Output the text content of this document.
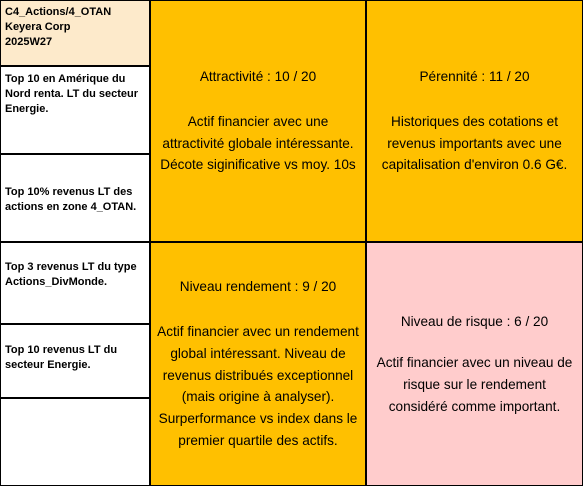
C4_Actions/4_OTAN
Keyera Corp
2025W27
Top 10 en Amérique du Nord renta. LT du secteur Energie.
Top 10% revenus LT des actions en zone 4_OTAN.
Top 3 revenus LT du type Actions_DivMonde.
Top 10 revenus LT du secteur Energie.
Attractivité : 10 / 20
Actif financier avec une attractivité globale intéressante. Décote siginificative vs moy. 10s
Pérennité : 11 / 20
Historiques des cotations et revenus importants avec une capitalisation d'environ 0.6 G€.
Niveau rendement : 9 / 20
Actif financier avec un rendement global intéressant. Niveau de revenus distribués exceptionnel (mais origine à analyser). Surperformance vs index dans le premier quartile des actifs.
Niveau de risque : 6 / 20
Actif financier avec un niveau de risque sur le rendement considéré comme important.
